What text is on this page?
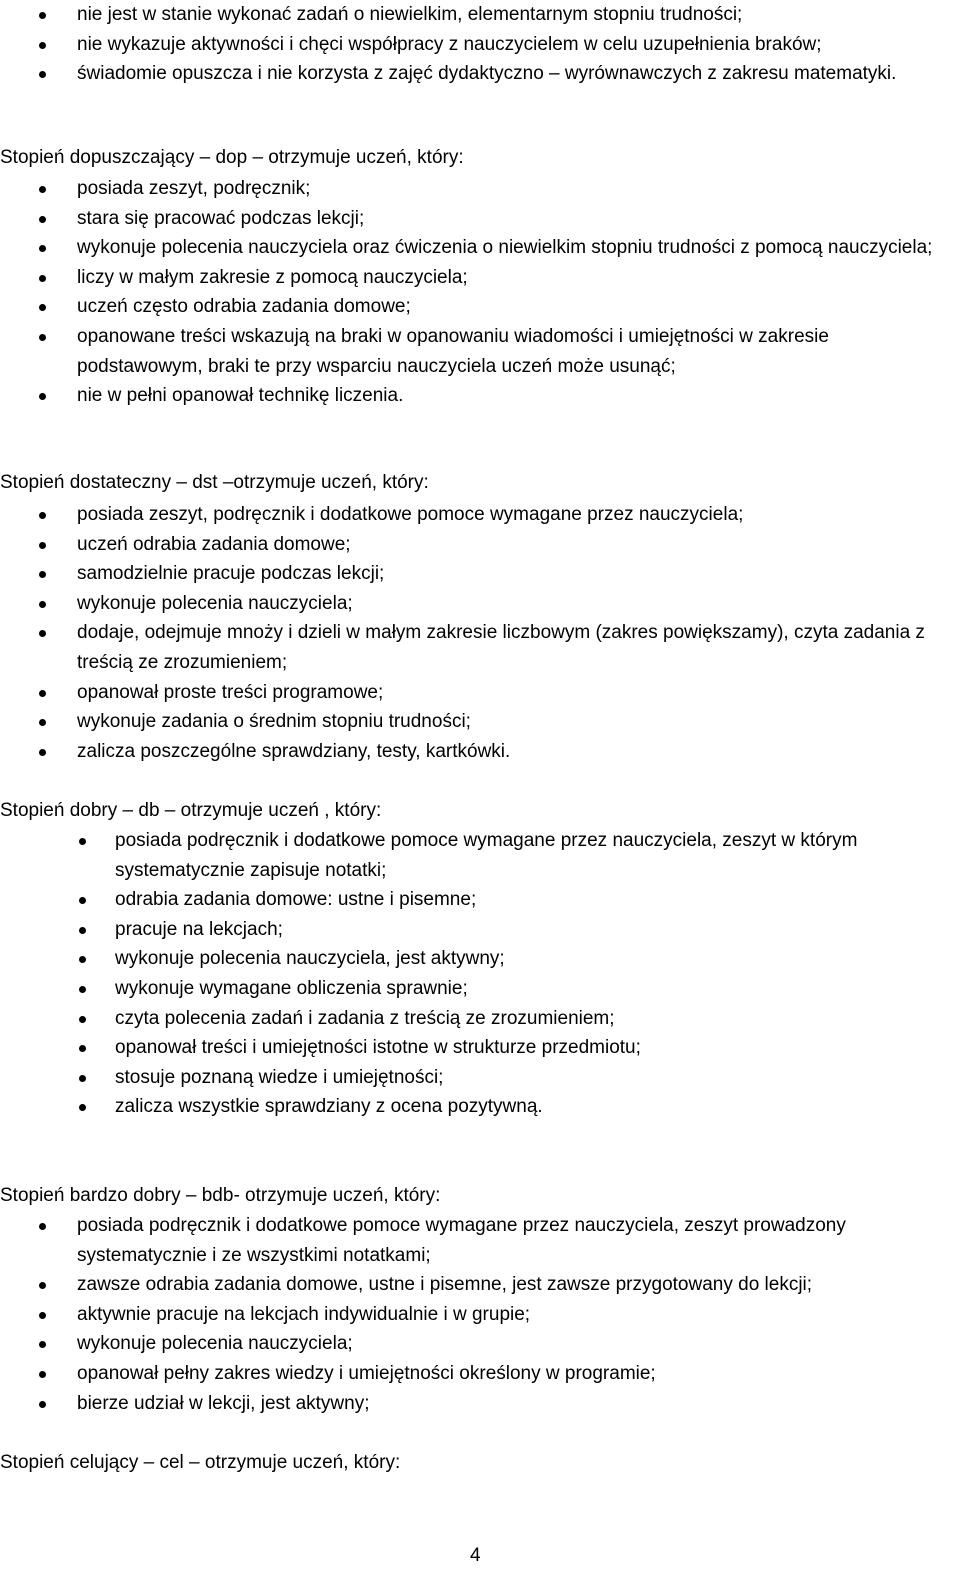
nie jest w stanie wykonać zadań o niewielkim, elementarnym stopniu trudności;
nie wykazuje aktywności i chęci współpracy z nauczycielem w celu uzupełnienia braków;
świadomie opuszcza i nie korzysta z zajęć dydaktyczno – wyrównawczych z zakresu matematyki.
Stopień dopuszczający – dop – otrzymuje uczeń, który:
posiada zeszyt, podręcznik;
stara się pracować podczas lekcji;
wykonuje polecenia nauczyciela oraz ćwiczenia o niewielkim stopniu trudności z pomocą nauczyciela;
liczy w małym zakresie z pomocą nauczyciela;
uczeń często odrabia zadania domowe;
opanowane treści wskazują na braki w opanowaniu wiadomości i umiejętności w zakresie podstawowym, braki te przy wsparciu nauczyciela uczeń może usunąć;
nie w pełni opanował technikę liczenia.
Stopień dostateczny – dst –otrzymuje uczeń, który:
posiada zeszyt, podręcznik i dodatkowe pomoce wymagane przez nauczyciela;
uczeń odrabia zadania domowe;
samodzielnie pracuje podczas lekcji;
wykonuje polecenia nauczyciela;
dodaje, odejmuje mnoży i dzieli w małym zakresie liczbowym (zakres powiększamy), czyta zadania z treścią ze zrozumieniem;
opanował proste treści programowe;
wykonuje zadania o średnim stopniu trudności;
zalicza poszczególne sprawdziany, testy, kartkówki.
Stopień dobry – db – otrzymuje uczeń , który:
posiada podręcznik i dodatkowe pomoce wymagane przez nauczyciela, zeszyt w którym systematycznie zapisuje notatki;
odrabia zadania domowe: ustne i pisemne;
pracuje na lekcjach;
wykonuje polecenia nauczyciela, jest aktywny;
wykonuje wymagane obliczenia sprawnie;
czyta polecenia zadań i zadania z treścią ze zrozumieniem;
opanował treści i umiejętności istotne w strukturze przedmiotu;
stosuje poznaną wiedze i umiejętności;
zalicza wszystkie sprawdziany z ocena pozytywną.
Stopień bardzo dobry – bdb- otrzymuje uczeń, który:
posiada podręcznik i dodatkowe pomoce wymagane przez nauczyciela, zeszyt prowadzony systematycznie i ze wszystkimi notatkami;
zawsze odrabia zadania domowe, ustne i pisemne, jest zawsze przygotowany do lekcji;
aktywnie pracuje na lekcjach indywidualnie i w grupie;
wykonuje polecenia nauczyciela;
opanował pełny zakres wiedzy i umiejętności określony w programie;
bierze udział w lekcji, jest aktywny;
Stopień celujący – cel – otrzymuje uczeń, który:
4
